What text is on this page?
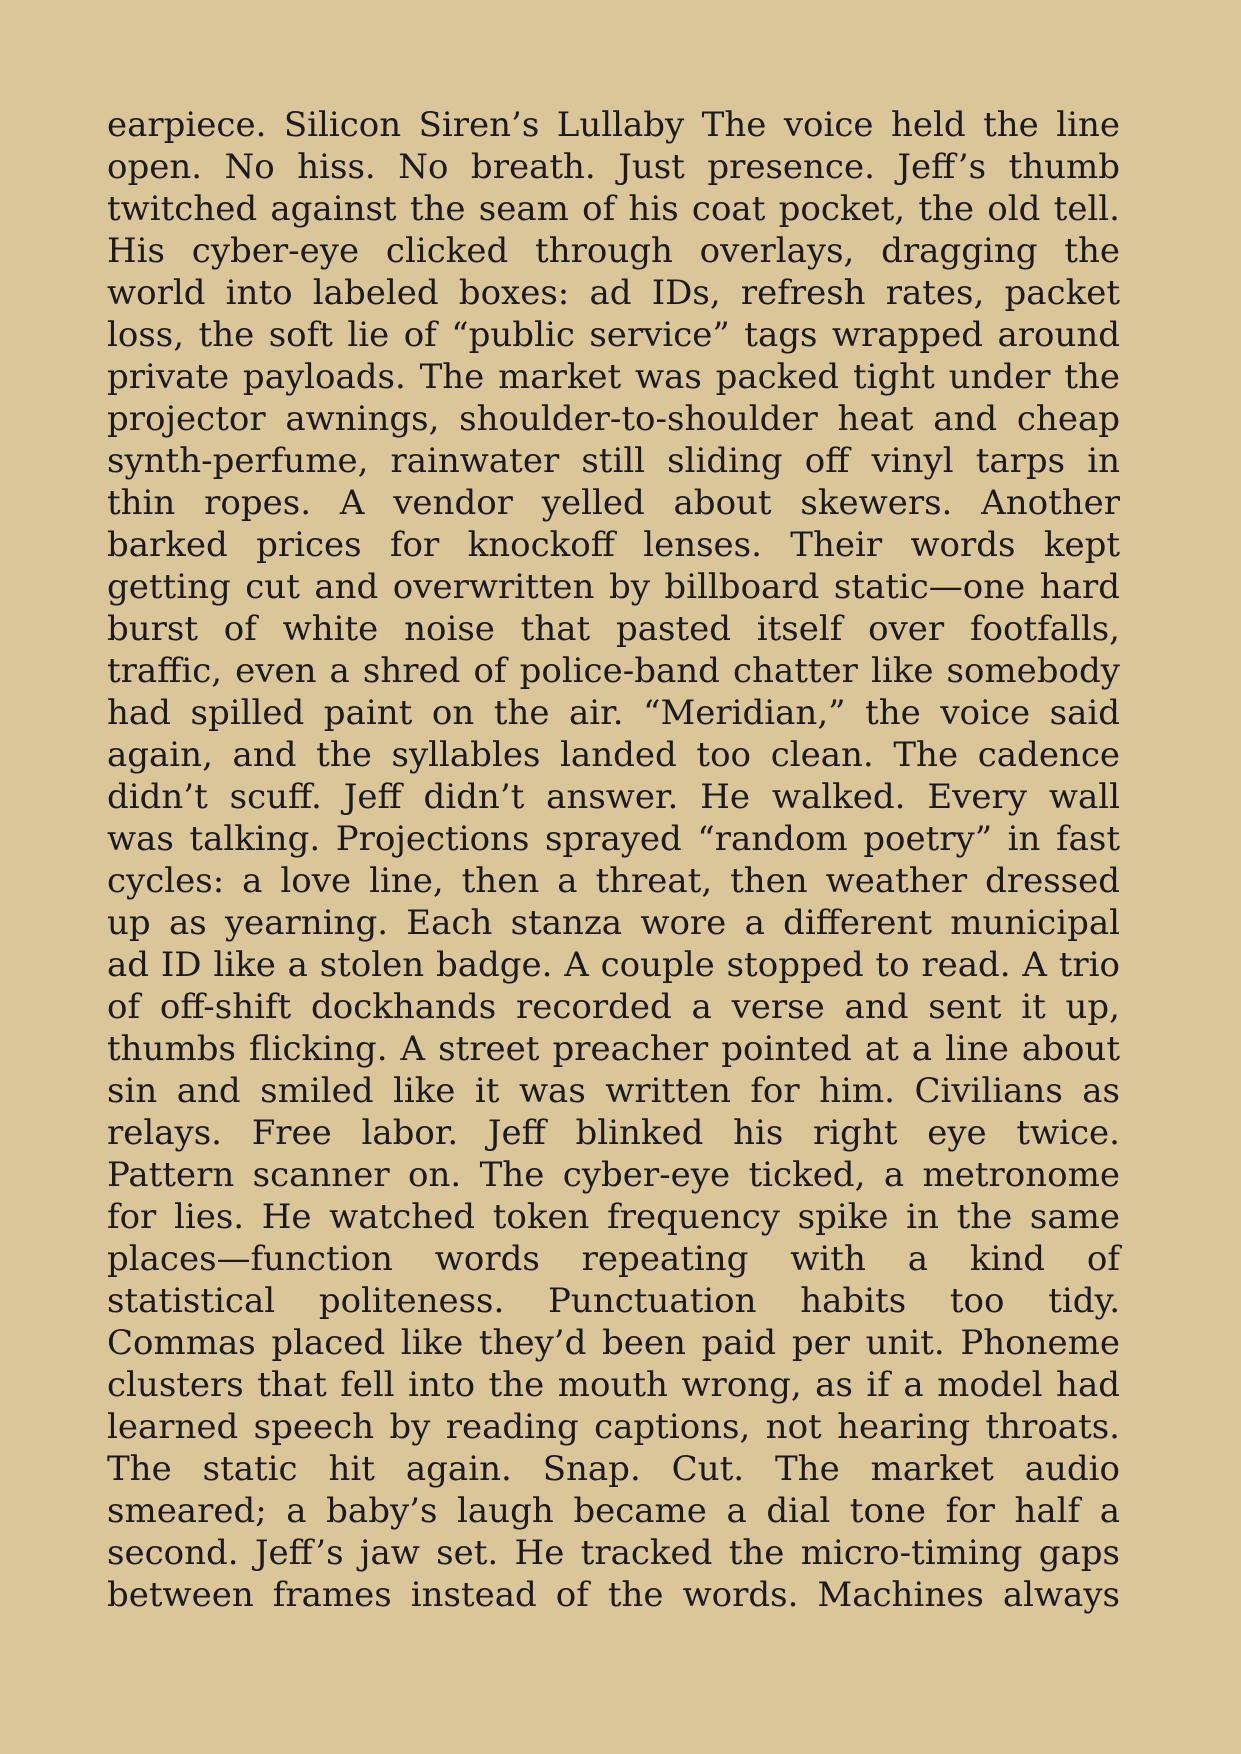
earpiece. Silicon Siren’s Lullaby The voice held the line
open. No hiss. No breath. Just presence. Jeff’s thumb
twitched against the seam of his coat pocket, the old tell.
His cyber-eye clicked through overlays, dragging the
world into labeled boxes: ad IDs, refresh rates, packet
loss, the soft lie of “public service” tags wrapped around
private payloads. The market was packed tight under the
projector awnings, shoulder-to-shoulder heat and cheap
synth-perfume, rainwater still sliding off vinyl tarps in
thin ropes. A vendor yelled about skewers. Another
barked prices for knockoff lenses. Their words kept
getting cut and overwritten by billboard static—one hard
burst of white noise that pasted itself over footfalls,
traffic, even a shred of police-band chatter like somebody
had spilled paint on the air. “Meridian,” the voice said
again, and the syllables landed too clean. The cadence
didn’t scuff. Jeff didn’t answer. He walked. Every wall
was talking. Projections sprayed “random poetry” in fast
cycles: a love line, then a threat, then weather dressed
up as yearning. Each stanza wore a different municipal
ad ID like a stolen badge. A couple stopped to read. A trio
of off-shift dockhands recorded a verse and sent it up,
thumbs flicking. A street preacher pointed at a line about
sin and smiled like it was written for him. Civilians as
relays. Free labor. Jeff blinked his right eye twice.
Pattern scanner on. The cyber-eye ticked, a metronome
for lies. He watched token frequency spike in the same
places—function words repeating with a kind of
statistical politeness. Punctuation habits too tidy.
Commas placed like they’d been paid per unit. Phoneme
clusters that fell into the mouth wrong, as if a model had
learned speech by reading captions, not hearing throats.
The static hit again. Snap. Cut. The market audio
smeared; a baby’s laugh became a dial tone for half a
second. Jeff’s jaw set. He tracked the micro-timing gaps
between frames instead of the words. Machines always
